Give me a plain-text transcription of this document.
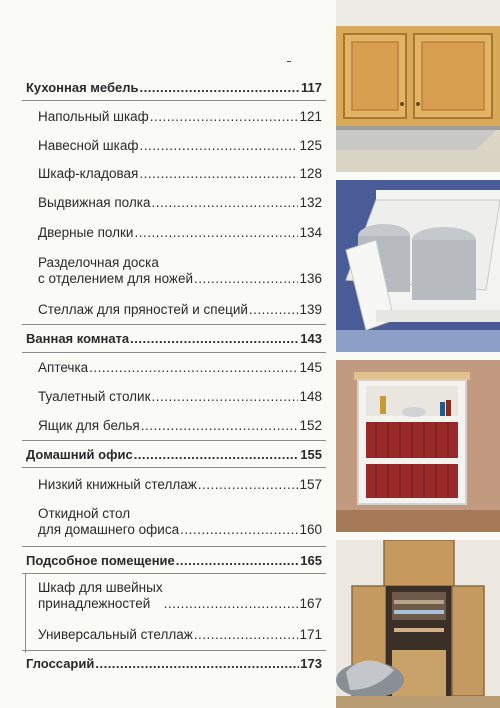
Кухонная мебель .....	117
Напольный шкаф .....	121
Навесной шкаф .....	125
Шкаф-кладовая .....	128
Выдвижная полка .....	132
Дверные полки .....	134
Разделочная доска
с отделением для ножей .....	136
Стеллаж для пряностей и специй .....	139
Ванная комната .....	143
Аптечка .....	145
Туалетный столик .....	148
Ящик для белья .....	152
Домашний офис .....	155
Низкий книжный стеллаж .....	157
Откидной стол
для домашнего офиса .....	160
Подсобное помещение .....	165
Шкаф для швейных
принадлежностей .....	167
Универсальный стеллаж .....	171
Глоссарий .....	173
